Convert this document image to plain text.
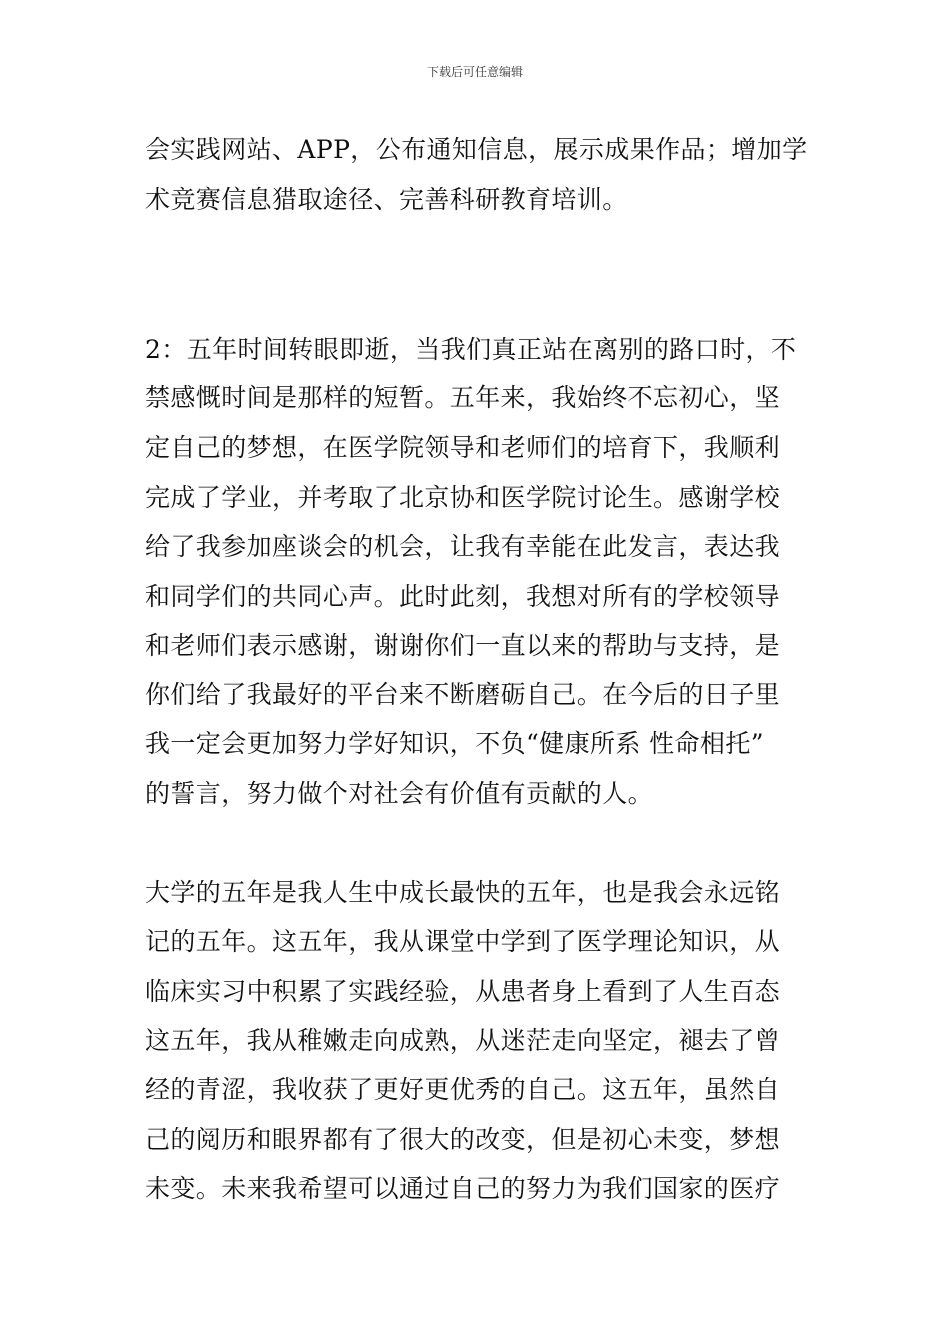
下载后可任意编辑
会实践网站、APP，公布通知信息，展示成果作品；增加学
术竞赛信息猎取途径、完善科研教育培训。
2：五年时间转眼即逝，当我们真正站在离别的路口时，不
禁感慨时间是那样的短暂。五年来，我始终不忘初心，坚
定自己的梦想，在医学院领导和老师们的培育下，我顺利
完成了学业，并考取了北京协和医学院讨论生。感谢学校
给了我参加座谈会的机会，让我有幸能在此发言，表达我
和同学们的共同心声。此时此刻，我想对所有的学校领导
和老师们表示感谢，谢谢你们一直以来的帮助与支持，是
你们给了我最好的平台来不断磨砺自己。在今后的日子里
我一定会更加努力学好知识，不负“健康所系 性命相托”
的誓言，努力做个对社会有价值有贡献的人。
大学的五年是我人生中成长最快的五年，也是我会永远铭
记的五年。这五年，我从课堂中学到了医学理论知识，从
临床实习中积累了实践经验，从患者身上看到了人生百态
这五年，我从稚嫩走向成熟，从迷茫走向坚定，褪去了曾
经的青涩，我收获了更好更优秀的自己。这五年，虽然自
己的阅历和眼界都有了很大的改变，但是初心未变，梦想
未变。未来我希望可以通过自己的努力为我们国家的医疗
